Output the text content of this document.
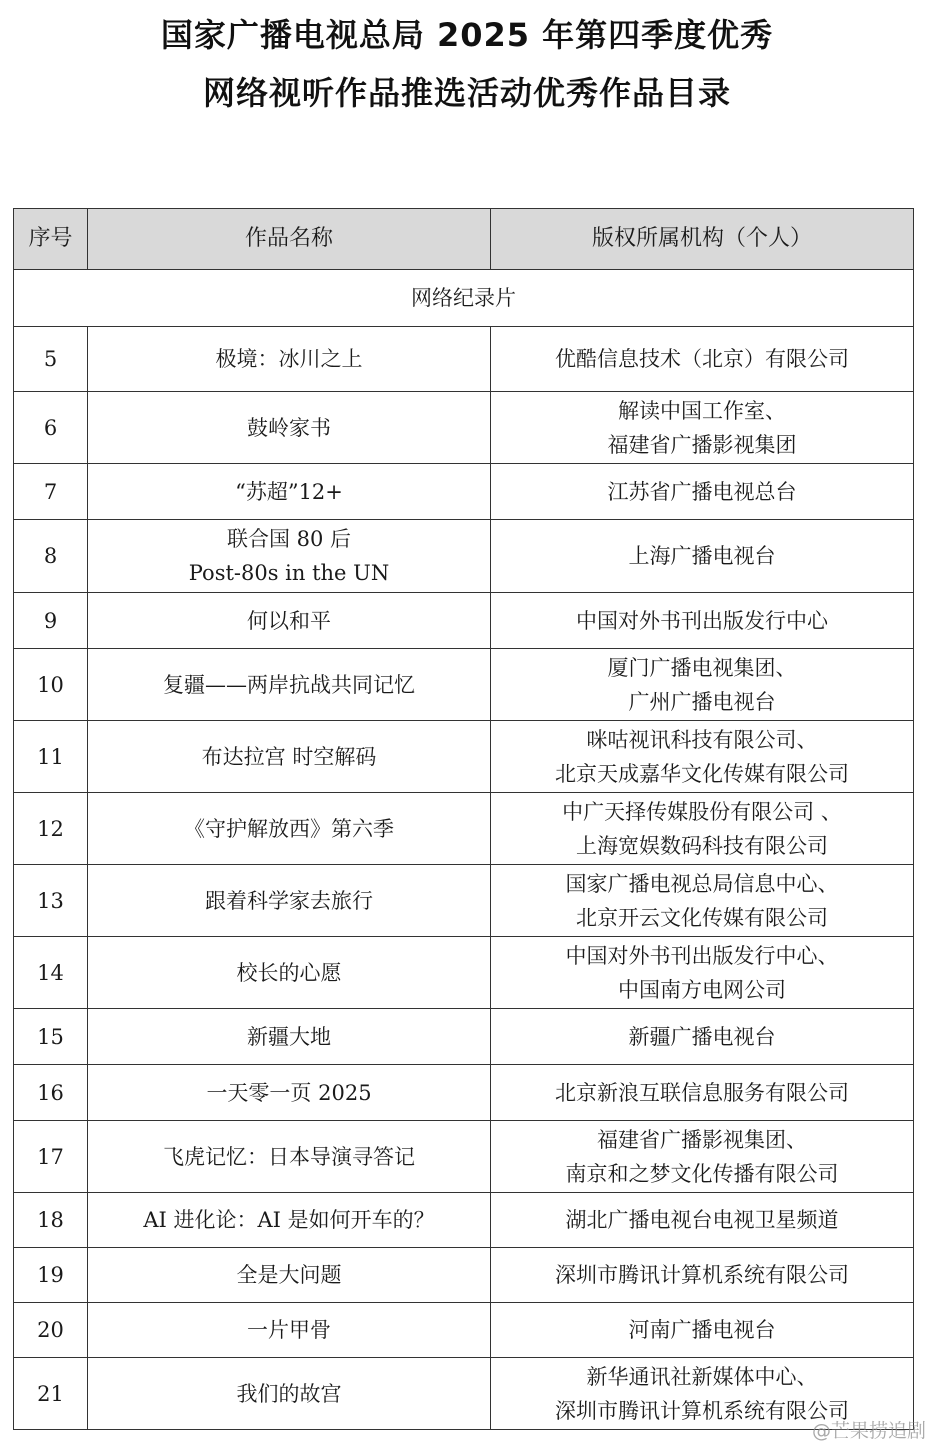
国家广播电视总局 2025 年第四季度优秀
网络视听作品推选活动优秀作品目录
序号	作品名称	版权所属机构（个人）
网络纪录片		
5	极境：冰川之上	优酷信息技术（北京）有限公司

6	鼓岭家书	解读中国工作室、
福建省广播影视集团

7	“苏超”12+	江苏省广播电视总台

8	联合国 80 后
Post-80s in the UN	上海广播电视台

9	何以和平	中国对外书刊出版发行中心

10	复疆——两岸抗战共同记忆	厦门广播电视集团、
广州广播电视台

11	布达拉宫 时空解码	咪咕视讯科技有限公司、
北京天成嘉华文化传媒有限公司

12	《守护解放西》第六季	中广天择传媒股份有限公司 、
上海宽娱数码科技有限公司

13	跟着科学家去旅行	国家广播电视总局信息中心、
北京开云文化传媒有限公司

14	校长的心愿	中国对外书刊出版发行中心、
中国南方电网公司

15	新疆大地	新疆广播电视台

16	一天零一页 2025	北京新浪互联信息服务有限公司

17	飞虎记忆：日本导演寻答记	福建省广播影视集团、
南京和之梦文化传播有限公司

18	AI 进化论：AI 是如何开车的？	湖北广播电视台电视卫星频道

19	全是大问题	深圳市腾讯计算机系统有限公司

20	一片甲骨	河南广播电视台

21	我们的故宫	新华通讯社新媒体中心、
深圳市腾讯计算机系统有限公司
@芒果捞追剧
